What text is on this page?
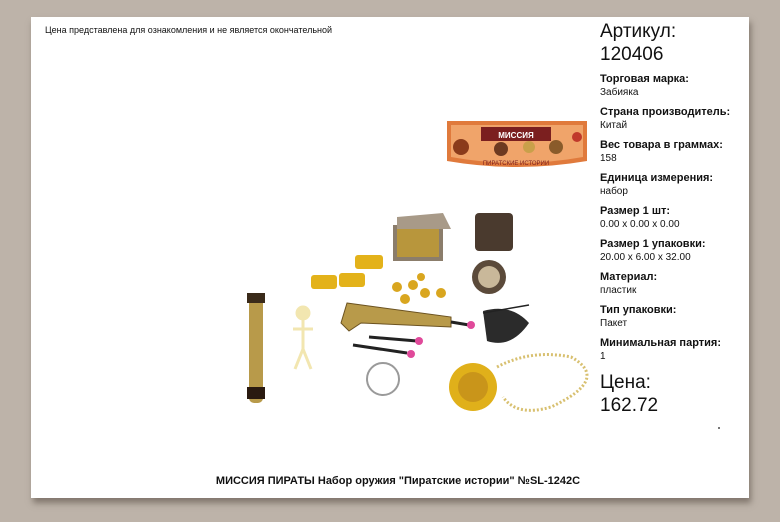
Цена представлена для ознакомления и не является окончательной
МИССИЯ
ПИРАТСКИЕ ИСТОРИИ
Артикул:
120406
Торговая марка:
Забияка
Страна производитель:
Китай
Вес товара в граммах:
158
Единица измерения:
набор
Размер 1 шт:
0.00 x 0.00 x 0.00
Размер 1 упаковки:
20.00 x 6.00 x 32.00
Материал:
пластик
Тип упаковки:
Пакет
Минимальная партия:
1
Цена:
162.72
МИССИЯ ПИРАТЫ Набор оружия "Пиратские истории" №SL-1242C
